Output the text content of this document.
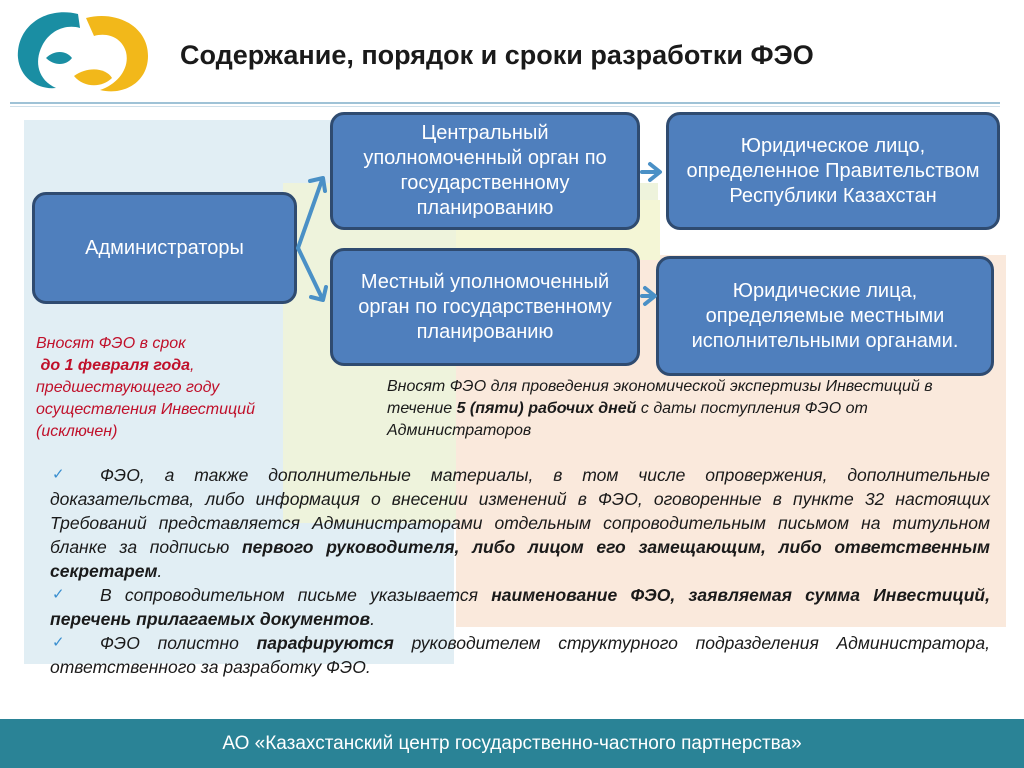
Содержание, порядок и сроки разработки ФЭО
Администраторы
Центральный уполномоченный орган по государственному планированию
Местный уполномоченный орган по государственному планированию
Юридическое лицо, определенное Правительством Республики Казахстан
Юридические лица, определяемые местными исполнительными органами.
Вносят ФЭО в срок
до 1 февраля года, предшествующего году осуществления Инвестиций (исключен)
Вносят ФЭО для проведения экономической экспертизы Инвестиций в течение 5 (пяти) рабочих дней с даты поступления ФЭО от Администраторов
✓ ФЭО, а также дополнительные материалы, в том числе опровержения, дополнительные доказательства, либо информация о внесении изменений в ФЭО, оговоренные в пункте 32 настоящих Требований представляется Администраторами отдельным сопроводительным письмом на титульном бланке за подписью первого руководителя, либо лицом его замещающим, либо ответственным секретарем.
✓ В сопроводительном письме указывается наименование ФЭО, заявляемая сумма Инвестиций, перечень прилагаемых документов.
✓ ФЭО полистно парафируются руководителем структурного подразделения Администратора, ответственного за разработку ФЭО.
АО «Казахстанский центр государственно-частного партнерства»
